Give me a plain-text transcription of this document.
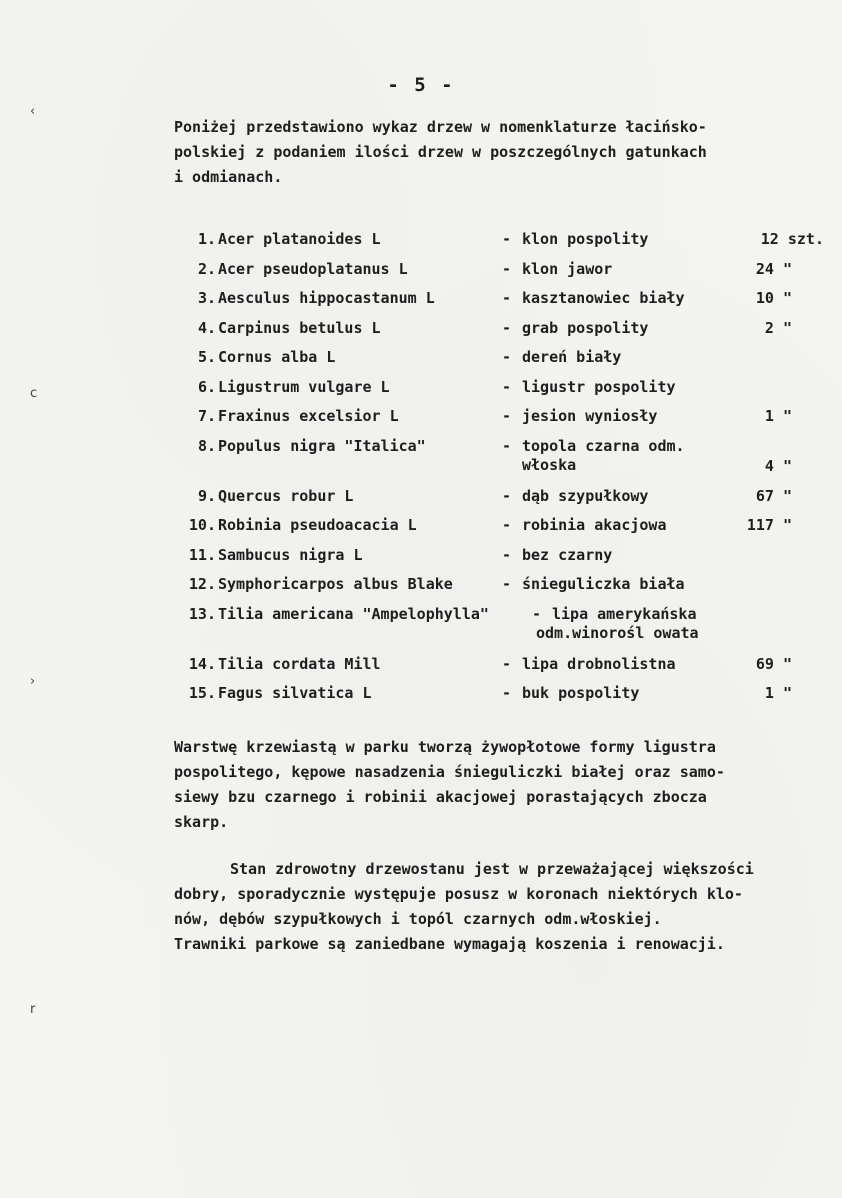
‹
c
›
r
- 5 -
Poniżej przedstawiono wykaz drzew w nomenklaturze łacińsko-
polskiej z podaniem ilości drzew w poszczególnych gatunkach
i odmianach.
1. Acer platanoides L	- klon pospolity	12 szt.
2. Acer pseudoplatanus L	- klon jawor	24 "
3. Aesculus hippocastanum L	- kasztanowiec biały	10 "
4. Carpinus betulus L	- grab pospolity	2 "
5. Cornus alba L	- dereń biały
6. Ligustrum vulgare L	- ligustr pospolity
7. Fraxinus excelsior L	- jesion wyniosły	1 "
8. Populus nigra "Italica"	- topola czarna odm.
włoska	4 "
9. Quercus robur L	- dąb szypułkowy	67 "
10. Robinia pseudoacacia L	- robinia akacjowa	117 "
11. Sambucus nigra L	- bez czarny
12. Symphoricarpos albus Blake	- śnieguliczka biała
13. Tilia americana "Ampelophylla"	- lipa amerykańska
odm.winorośl owata
14. Tilia cordata Mill	- lipa drobnolistna	69 "
15. Fagus silvatica L	- buk pospolity	1 "
Warstwę krzewiastą w parku tworzą żywopłotowe formy ligustra
pospolitego, kępowe nasadzenia śnieguliczki białej oraz samo-
siewy bzu czarnego i robinii akacjowej porastających zbocza
skarp.
Stan zdrowotny drzewostanu jest w przeważającej większości
dobry, sporadycznie występuje posusz w koronach niektórych klo-
nów, dębów szypułkowych i topól czarnych odm.włoskiej.
Trawniki parkowe są zaniedbane wymagają koszenia i renowacji.
